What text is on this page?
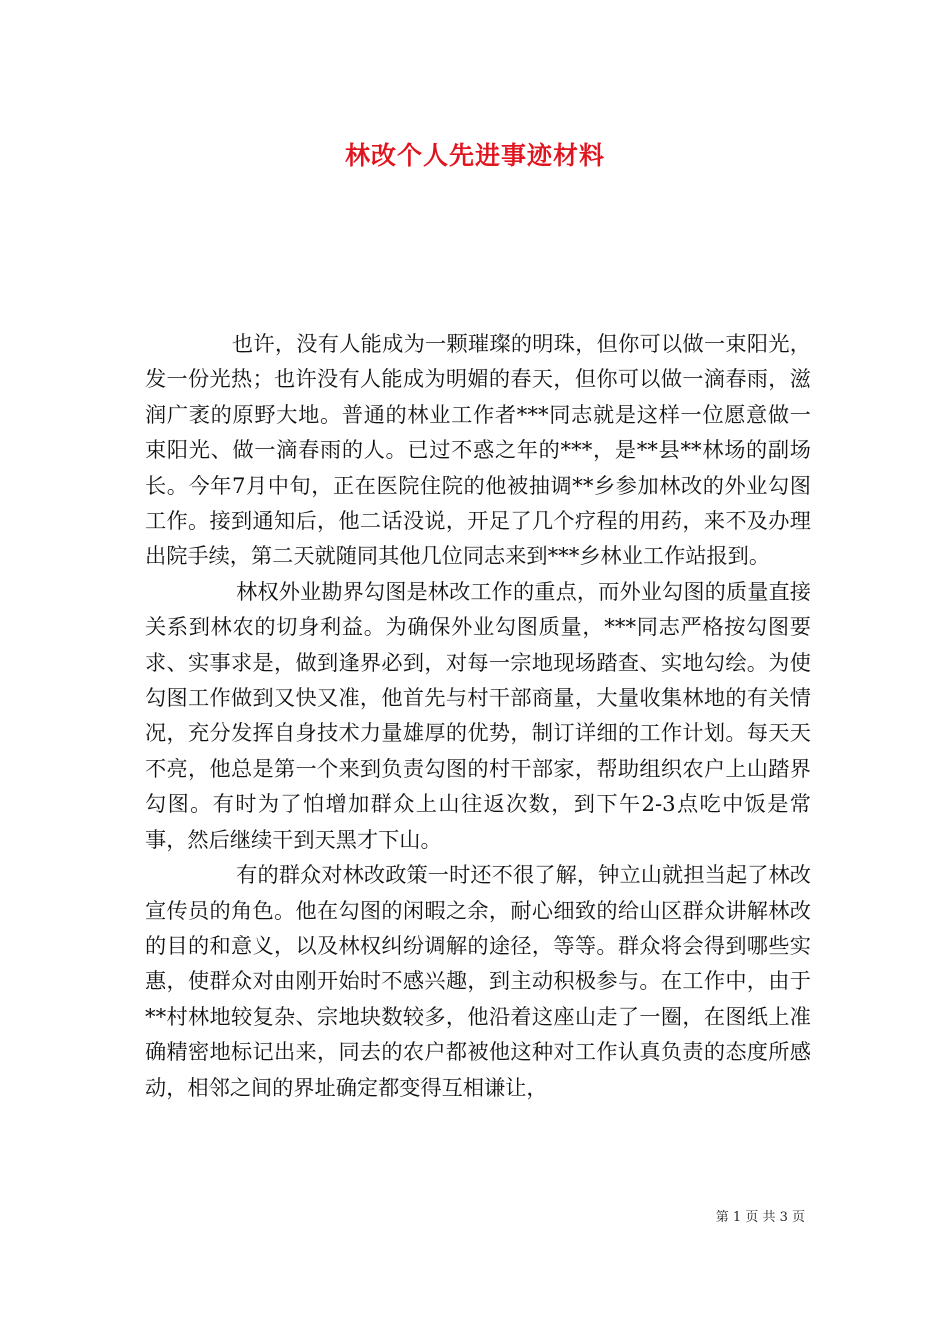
林改个人先进事迹材料

也许，没有人能成为一颗璀璨的明珠，但你可以做一束阳光，发一份光热；也许没有人能成为明媚的春天，但你可以做一滴春雨，滋润广袤的原野大地。普通的林业工作者***同志就是这样一位愿意做一束阳光、做一滴春雨的人。已过不惑之年的***，是**县**林场的副场长。今年7月中旬，正在医院住院的他被抽调**乡参加林改的外业勾图工作。接到通知后，他二话没说，开足了几个疗程的用药，来不及办理出院手续，第二天就随同其他几位同志来到***乡林业工作站报到。

林权外业勘界勾图是林改工作的重点，而外业勾图的质量直接关系到林农的切身利益。为确保外业勾图质量，***同志严格按勾图要求、实事求是，做到逢界必到，对每一宗地现场踏查、实地勾绘。为使勾图工作做到又快又准，他首先与村干部商量，大量收集林地的有关情况，充分发挥自身技术力量雄厚的优势，制订详细的工作计划。每天天不亮，他总是第一个来到负责勾图的村干部家，帮助组织农户上山踏界勾图。有时为了怕增加群众上山往返次数，到下午2-3点吃中饭是常事，然后继续干到天黑才下山。

有的群众对林改政策一时还不很了解，钟立山就担当起了林改宣传员的角色。他在勾图的闲暇之余，耐心细致的给山区群众讲解林改的目的和意义，以及林权纠纷调解的途径，等等。群众将会得到哪些实惠，使群众对由刚开始时不感兴趣，到主动积极参与。在工作中，由于**村林地较复杂、宗地块数较多，他沿着这座山走了一圈，在图纸上准确精密地标记出来，同去的农户都被他这种对工作认真负责的态度所感动，相邻之间的界址确定都变得互相谦让，

第 1 页 共 3 页
